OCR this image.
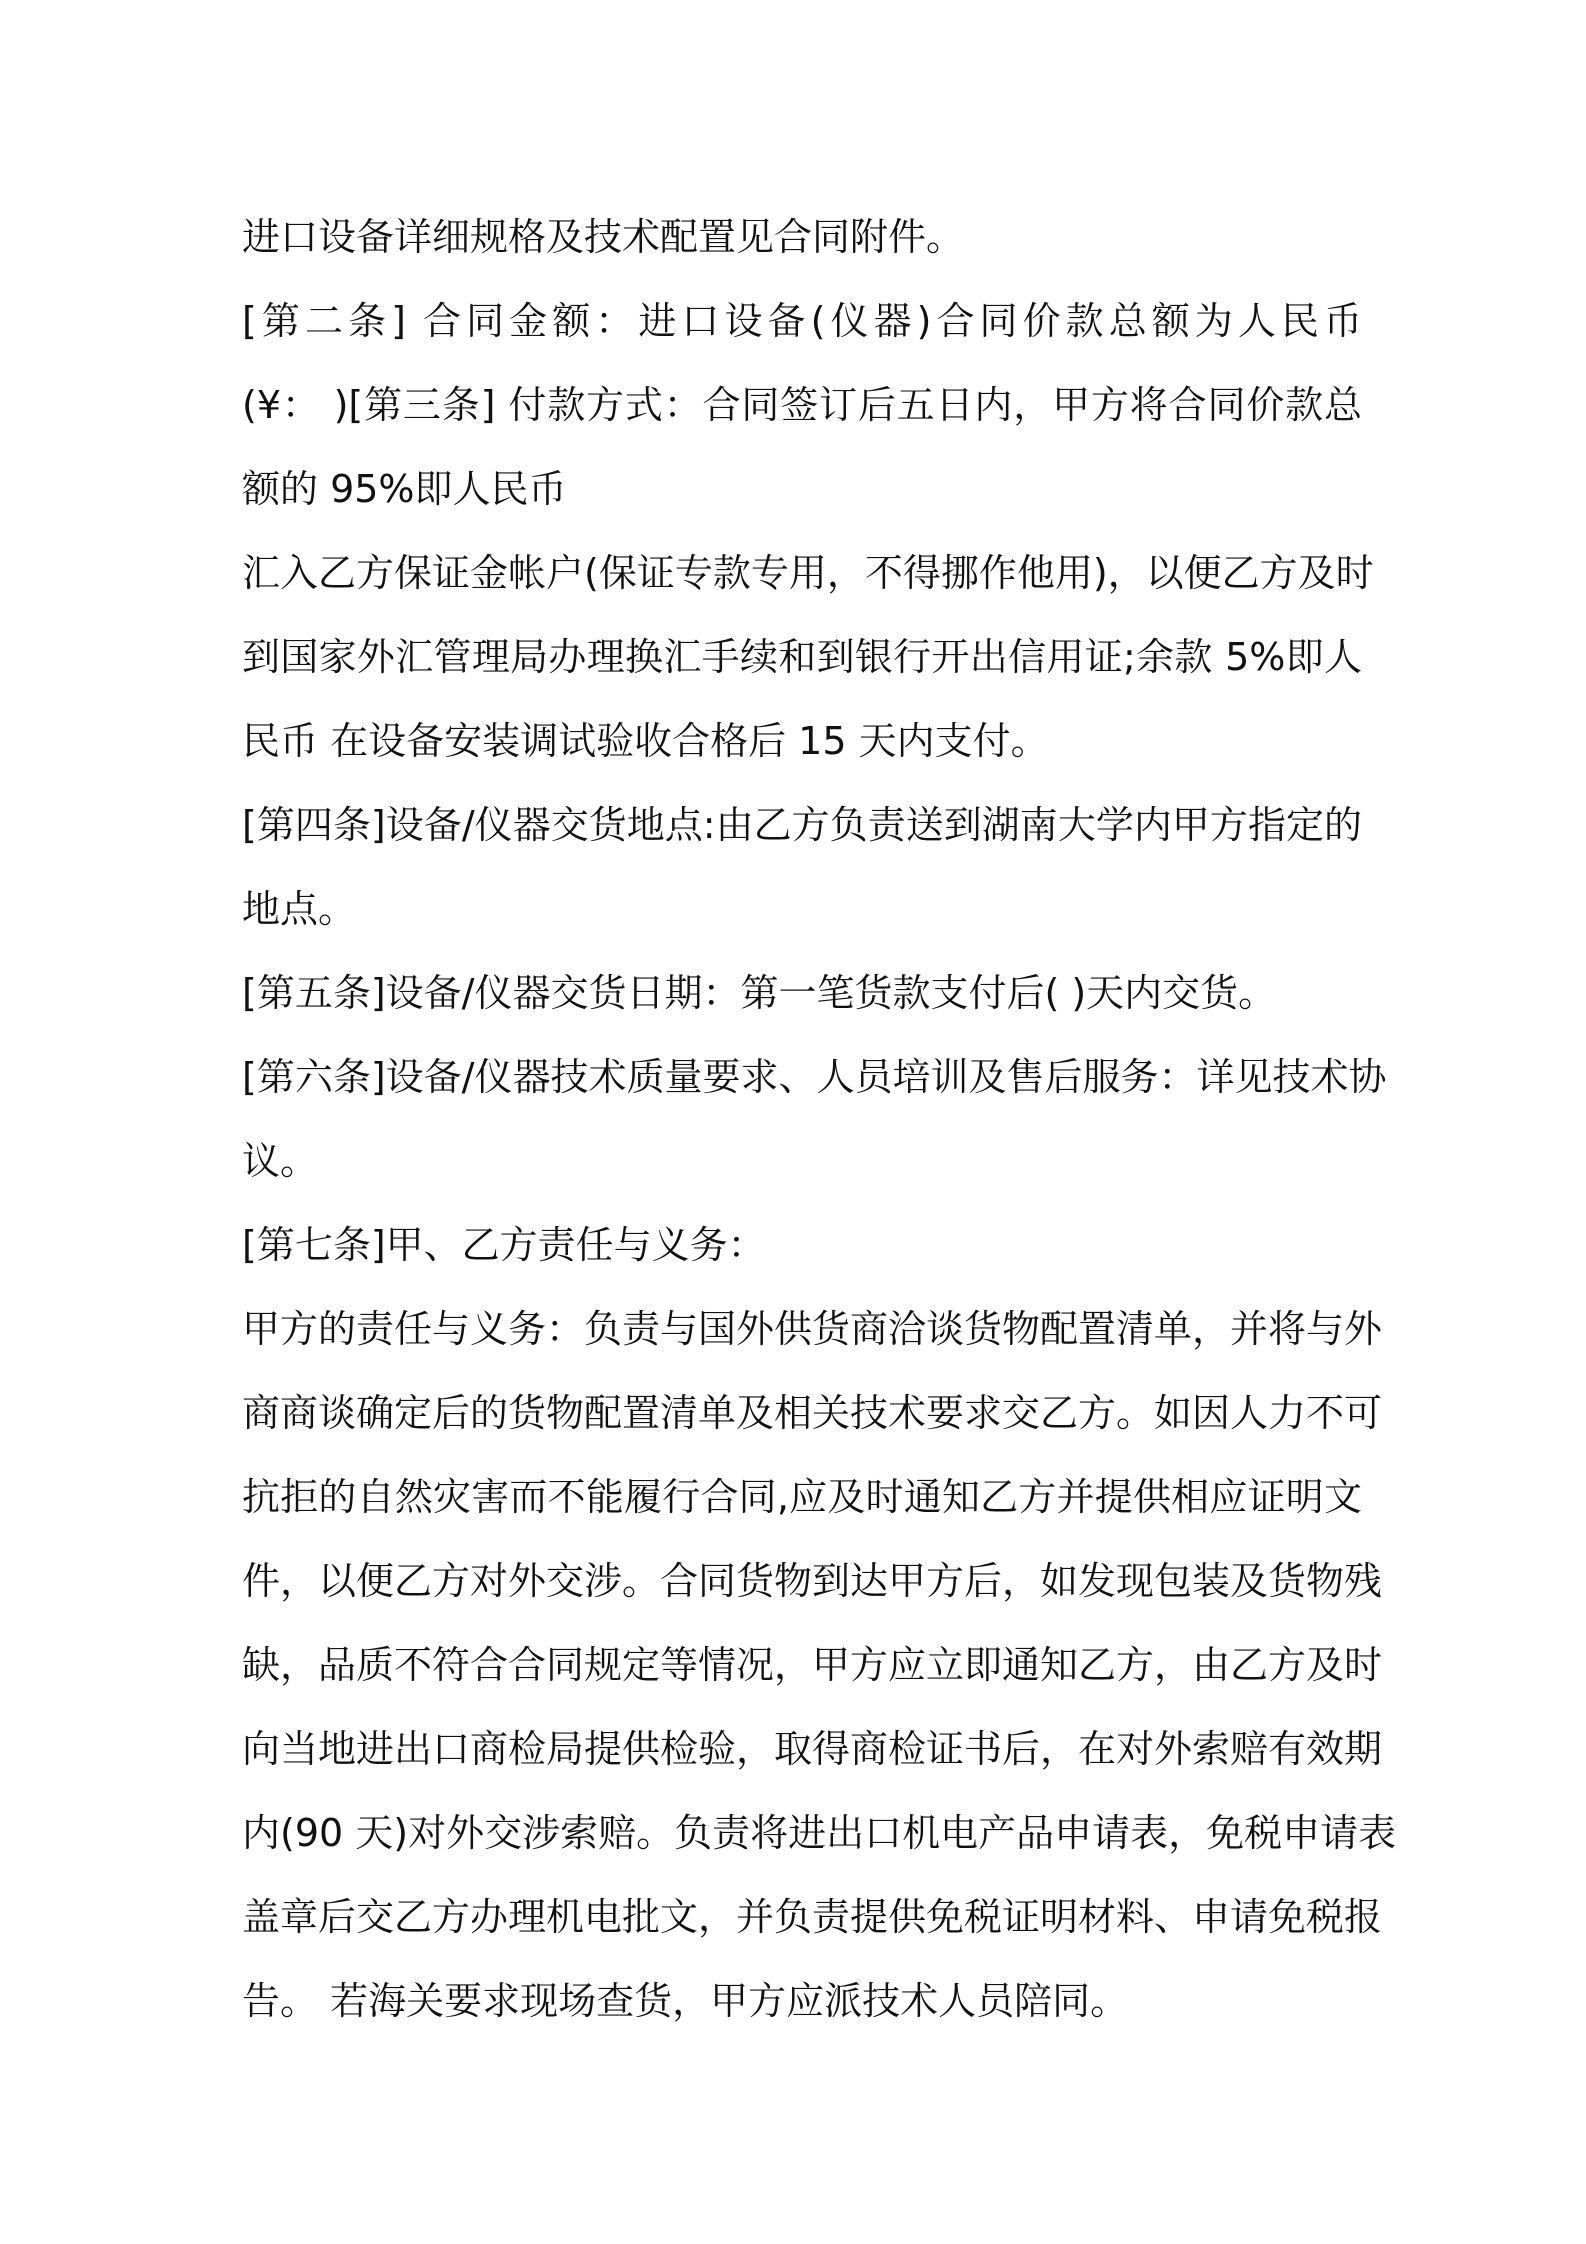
进口设备详细规格及技术配置见合同附件。
[第二条] 合同金额：进口设备(仪器)合同价款总额为人民币
(¥： )[第三条] 付款方式：合同签订后五日内，甲方将合同价款总
额的 95%即人民币
汇入乙方保证金帐户(保证专款专用，不得挪作他用)，以便乙方及时
到国家外汇管理局办理换汇手续和到银行开出信用证;余款 5%即人
民币 在设备安装调试验收合格后 15 天内支付。
[第四条]设备/仪器交货地点:由乙方负责送到湖南大学内甲方指定的
地点。
[第五条]设备/仪器交货日期：第一笔货款支付后( )天内交货。
[第六条]设备/仪器技术质量要求、人员培训及售后服务：详见技术协
议。
[第七条]甲、乙方责任与义务：
甲方的责任与义务：负责与国外供货商洽谈货物配置清单，并将与外
商商谈确定后的货物配置清单及相关技术要求交乙方。如因人力不可
抗拒的自然灾害而不能履行合同,应及时通知乙方并提供相应证明文
件，以便乙方对外交涉。合同货物到达甲方后，如发现包装及货物残
缺，品质不符合合同规定等情况，甲方应立即通知乙方，由乙方及时
向当地进出口商检局提供检验，取得商检证书后，在对外索赔有效期
内(90 天)对外交涉索赔。负责将进出口机电产品申请表，免税申请表
盖章后交乙方办理机电批文，并负责提供免税证明材料、申请免税报
告。 若海关要求现场查货，甲方应派技术人员陪同。
